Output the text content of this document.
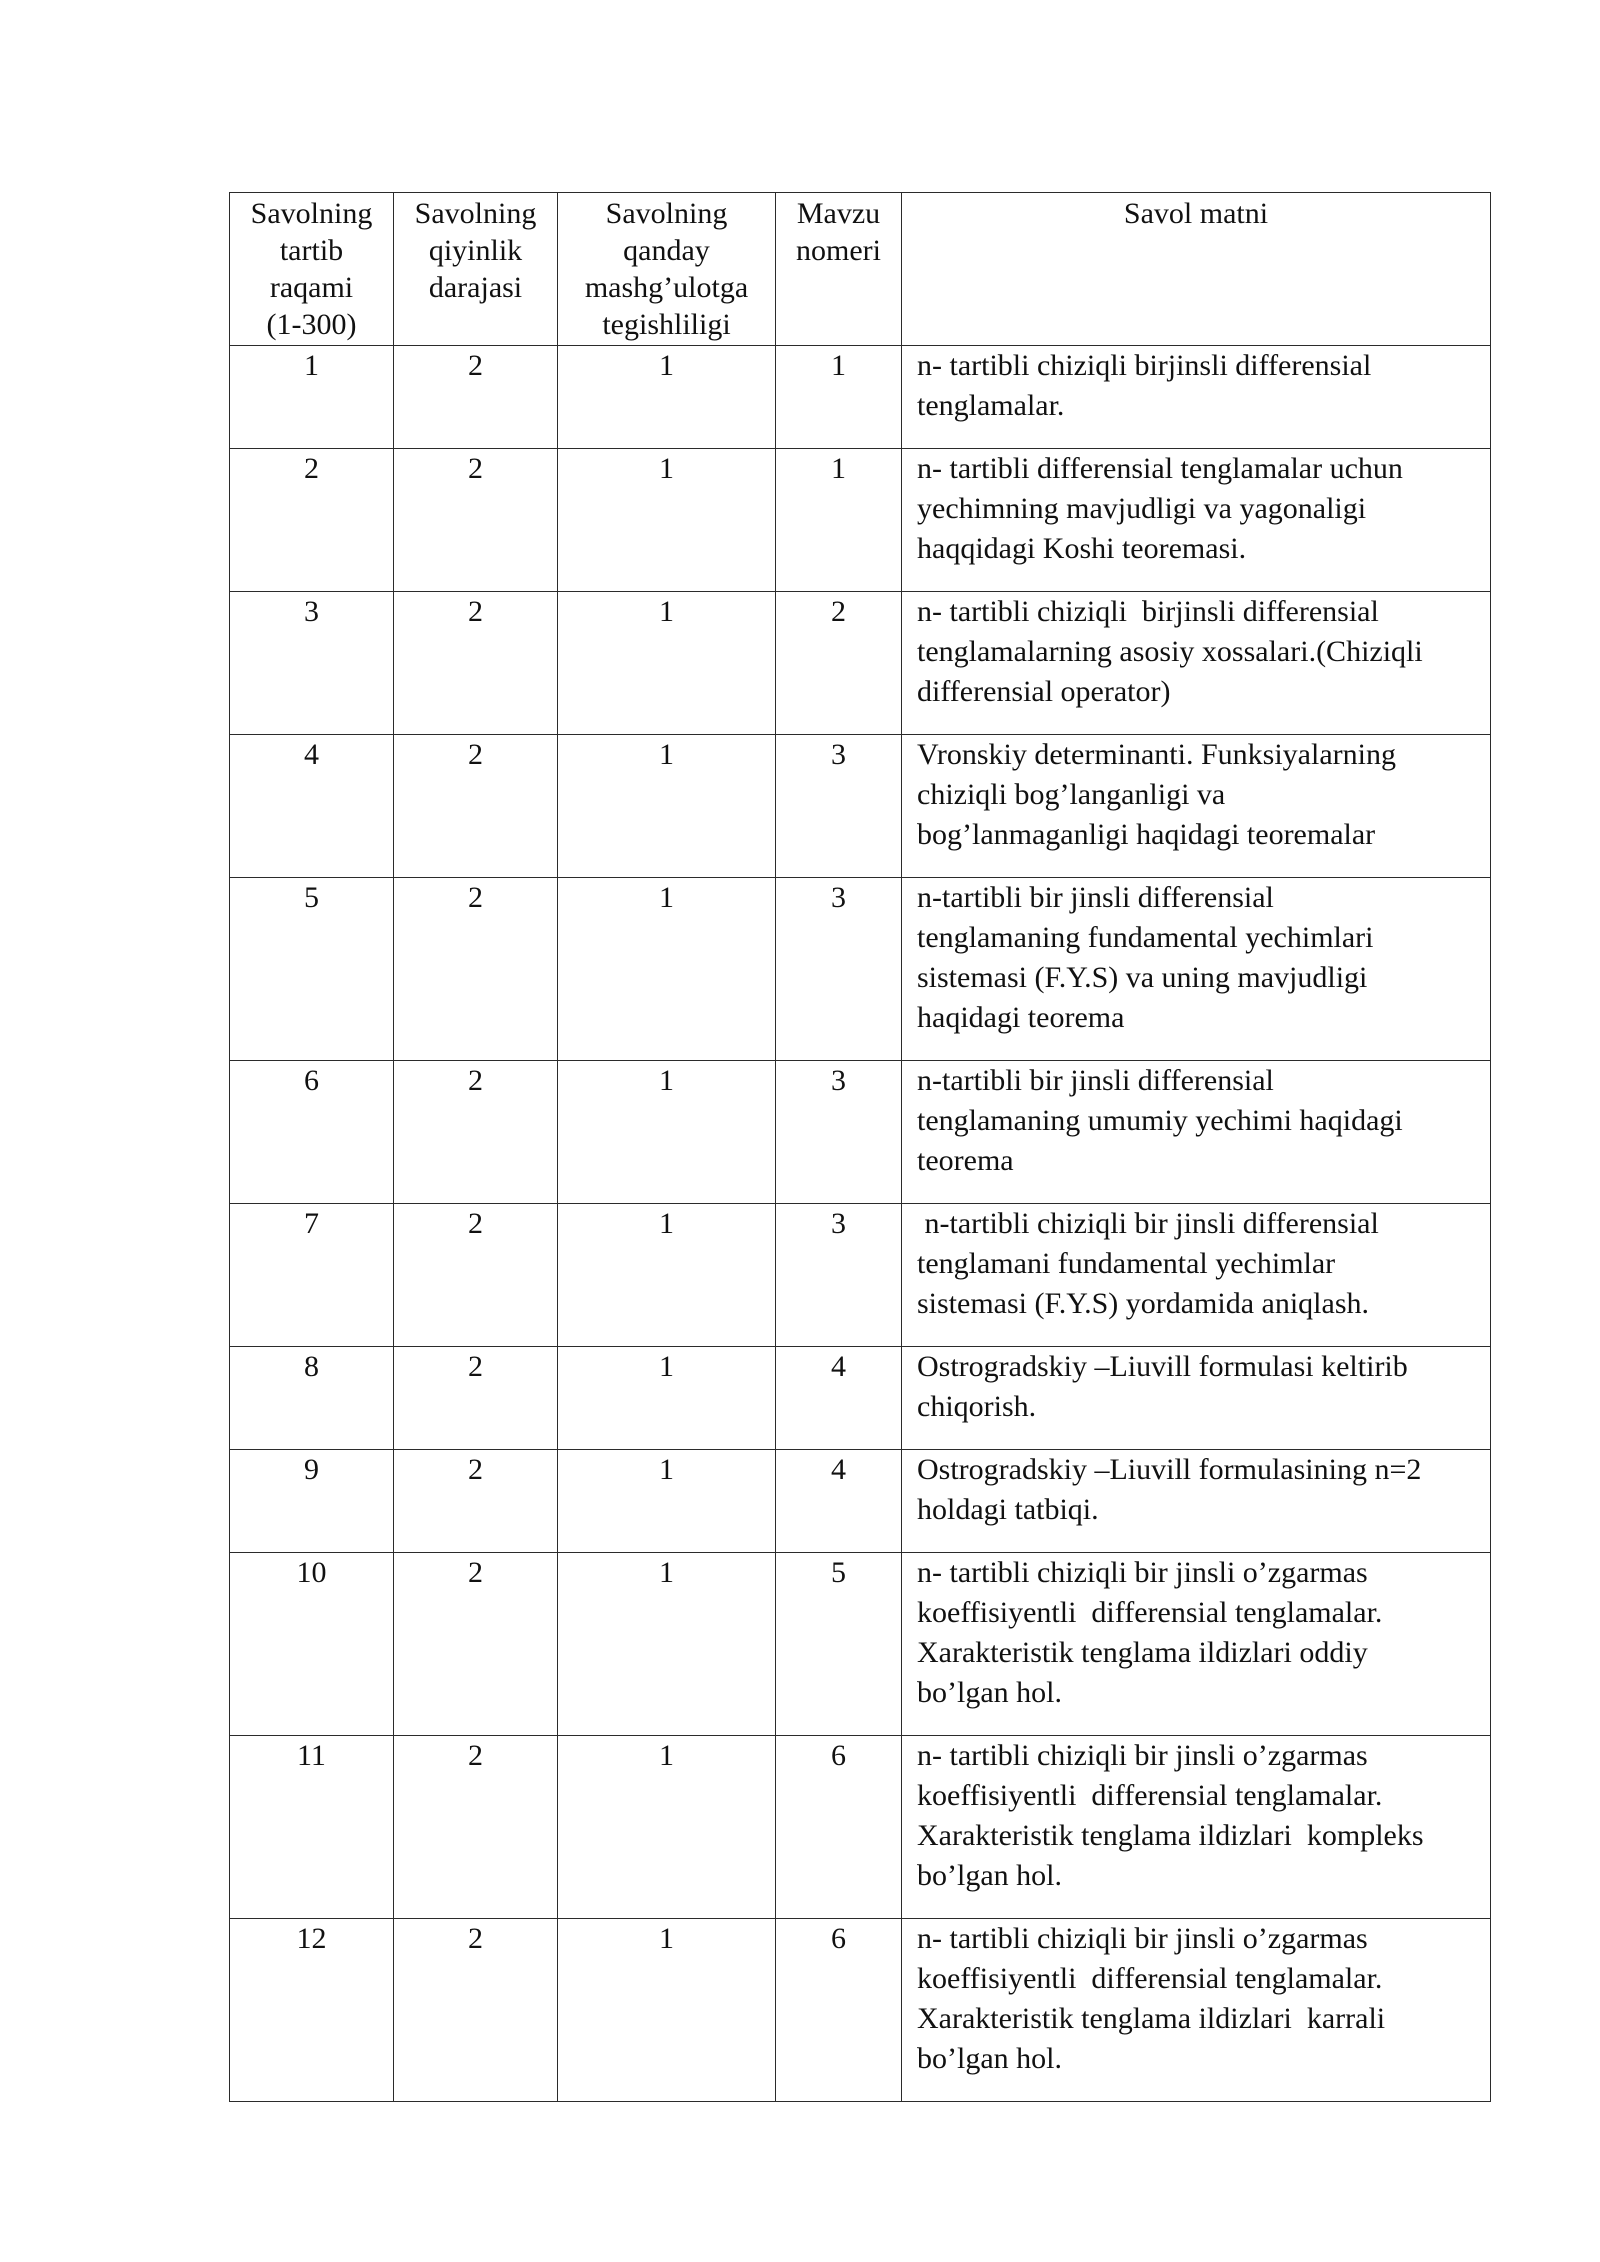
Savolning
tartib
raqami
(1-300)	Savolning
qiyinlik
darajasi	Savolning
qanday
mashg’ulotga
tegishliligi	Mavzu
nomeri	Savol matni

1	2	1	1	n- tartibli chiziqli birjinsli differensial
tenglamalar.

2	2	1	1	n- tartibli differensial tenglamalar uchun
yechimning mavjudligi va yagonaligi
haqqidagi Koshi teoremasi.

3	2	1	2	n- tartibli chiziqli  birjinsli differensial
tenglamalarning asosiy xossalari.(Chiziqli
differensial operator)

4	2	1	3	Vronskiy determinanti. Funksiyalarning
chiziqli bog’langanligi va
bog’lanmaganligi haqidagi teoremalar

5	2	1	3	n-tartibli bir jinsli differensial
tenglamaning fundamental yechimlari
sistemasi (F.Y.S) va uning mavjudligi
haqidagi teorema

6	2	1	3	n-tartibli bir jinsli differensial
tenglamaning umumiy yechimi haqidagi
teorema

7	2	1	3	n-tartibli chiziqli bir jinsli differensial
tenglamani fundamental yechimlar
sistemasi (F.Y.S) yordamida aniqlash.

8	2	1	4	Ostrogradskiy –Liuvill formulasi keltirib
chiqorish.

9	2	1	4	Ostrogradskiy –Liuvill formulasining n=2
holdagi tatbiqi.

10	2	1	5	n- tartibli chiziqli bir jinsli o’zgarmas
koeffisiyentli  differensial tenglamalar.
Xarakteristik tenglama ildizlari oddiy
bo’lgan hol.

11	2	1	6	n- tartibli chiziqli bir jinsli o’zgarmas
koeffisiyentli  differensial tenglamalar.
Xarakteristik tenglama ildizlari  kompleks
bo’lgan hol.

12	2	1	6	n- tartibli chiziqli bir jinsli o’zgarmas
koeffisiyentli  differensial tenglamalar.
Xarakteristik tenglama ildizlari  karrali
bo’lgan hol.
